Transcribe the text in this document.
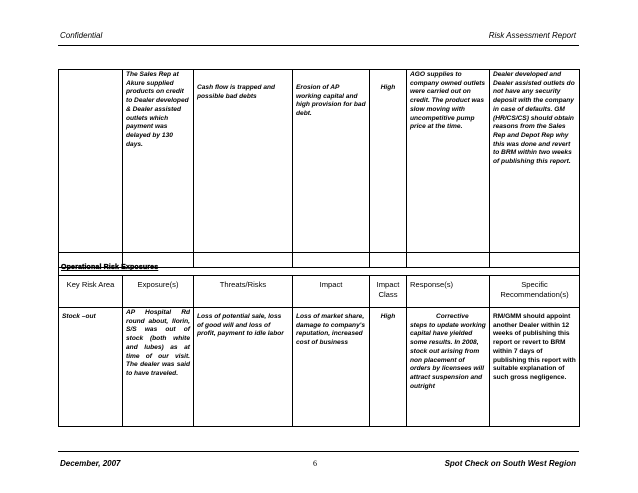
Confidential	Risk Assessment Report
	The Sales Rep at Akure supplied products on credit to Dealer developed & Dealer assisted outlets which payment was delayed by 130 days.	Cash flow is trapped and possible bad debts	Erosion of AP working capital and high provision for bad debt.	High	AGO supplies to company owned outlets were carried out on credit. The product was slow moving with uncompetitive pump price at the time.	Dealer developed and Dealer assisted outlets do not have any security deposit with the company in case of defaults. GM (HR/CS/CS) should obtain reasons from the Sales Rep and Depot Rep why this was done and revert to BRM within two weeks of publishing this report.
Operational Risk Exposures						
Key Risk Area	Exposure(s)	Threats/Risks	Impact	Impact Class	Response(s)	Specific Recommendation(s)
Stock –out	AP Hospital Rd round about, Ilorin, S/S was out of stock (both white and lubes) as at time of our visit. The dealer was said to have traveled.	Loss of potential sale, loss of good will and loss of profit, payment to idle labor	Loss of market share, damage to company's reputation, increased cost of business	High	Corrective steps to update working capital have yielded some results. In 2008, stock out arising from non placement of orders by licensees will attract suspension and outright	RM/GMM should appoint another Dealer within 12 weeks of publishing this report or revert to BRM within 7 days of publishing this report with suitable explanation of such gross negligence.
December, 2007	6	Spot Check on South West Region
